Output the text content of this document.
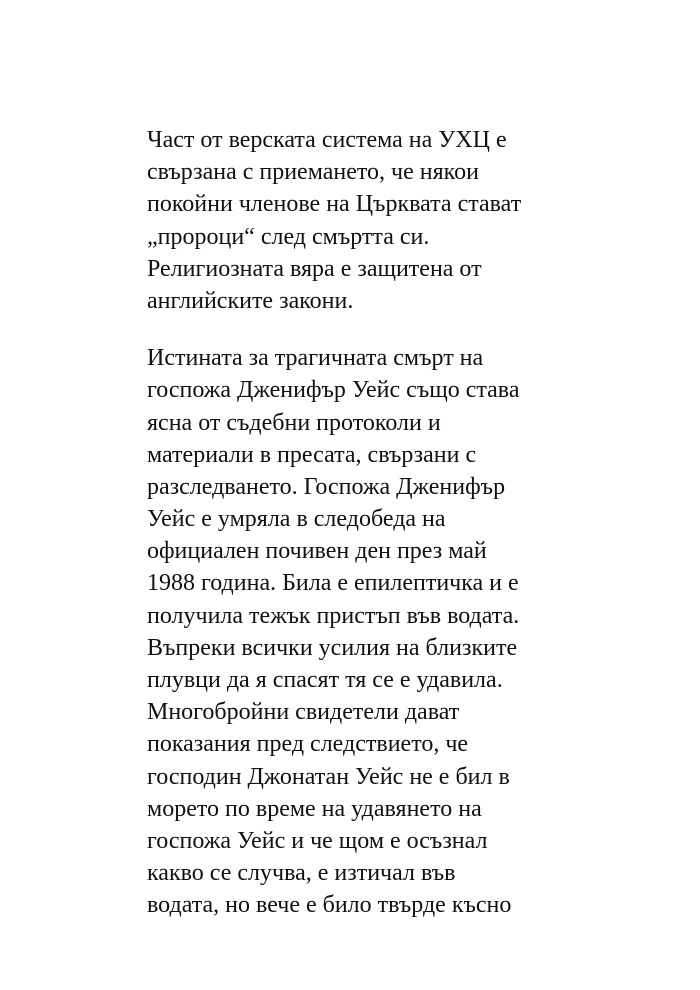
Част от верската система на УХЦ е
свързана с приемането, че някои
покойни членове на Църквата стават
„пророци“ след смъртта си.
Религиозната вяра е защитена от
английските закони.

Истината за трагичната смърт на
госпожа Дженифър Уейс също става
ясна от съдебни протоколи и
материали в пресата, свързани с
разследването. Госпожа Дженифър
Уейс е умряла в следобеда на
официален почивен ден през май
1988 година. Била е епилептичка и е
получила тежък пристъп във водата.
Въпреки всички усилия на близките
плувци да я спасят тя се е удавила.
Многобройни свидетели дават
показания пред следствието, че
господин Джонатан Уейс не е бил в
морето по време на удавянето на
госпожа Уейс и че щом е осъзнал
какво се случва, е изтичал във
водата, но вече е било твърде късно
